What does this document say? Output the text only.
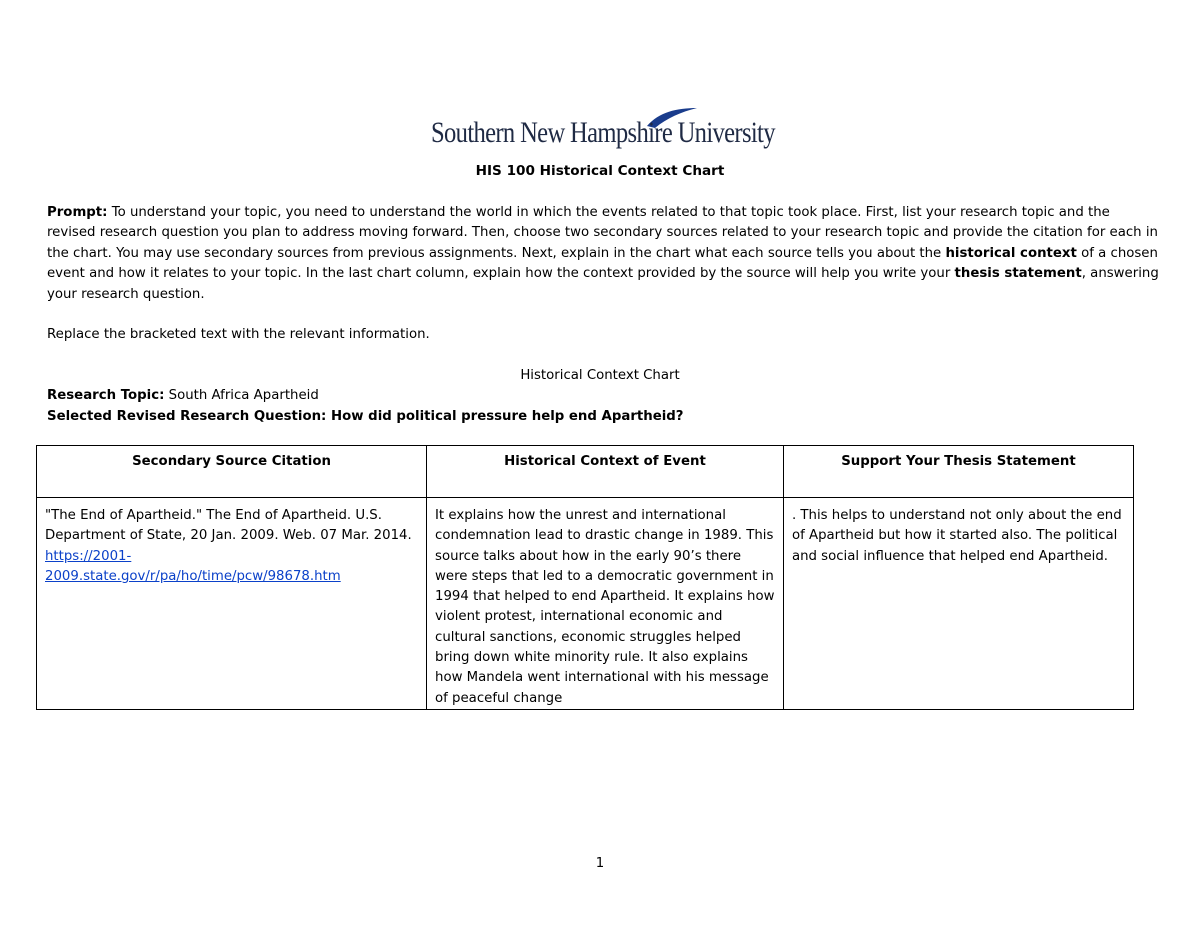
Southern New Hampshire University
HIS 100 Historical Context Chart
Prompt: To understand your topic, you need to understand the world in which the events related to that topic took place. First, list your research topic and the revised research question you plan to address moving forward. Then, choose two secondary sources related to your research topic and provide the citation for each in the chart. You may use secondary sources from previous assignments. Next, explain in the chart what each source tells you about the historical context of a chosen event and how it relates to your topic. In the last chart column, explain how the context provided by the source will help you write your thesis statement, answering your research question.
Replace the bracketed text with the relevant information.
Historical Context Chart
Research Topic: South Africa Apartheid
Selected Revised Research Question: How did political pressure help end Apartheid?
Secondary Source Citation	Historical Context of Event	Support Your Thesis Statement

"The End of Apartheid." The End of Apartheid. U.S. Department of State, 20 Jan. 2009. Web. 07 Mar. 2014.
https://2001-2009.state.gov/r/pa/ho/time/pcw/98678.htm	It explains how the unrest and international condemnation lead to drastic change in 1989. This source talks about how in the early 90’s there were steps that led to a democratic government in 1994 that helped to end Apartheid. It explains how violent protest, international economic and cultural sanctions, economic struggles helped bring down white minority rule. It also explains how Mandela went international with his message of peaceful change	. This helps to understand not only about the end of Apartheid but how it started also. The political and social influence that helped end Apartheid.
1
